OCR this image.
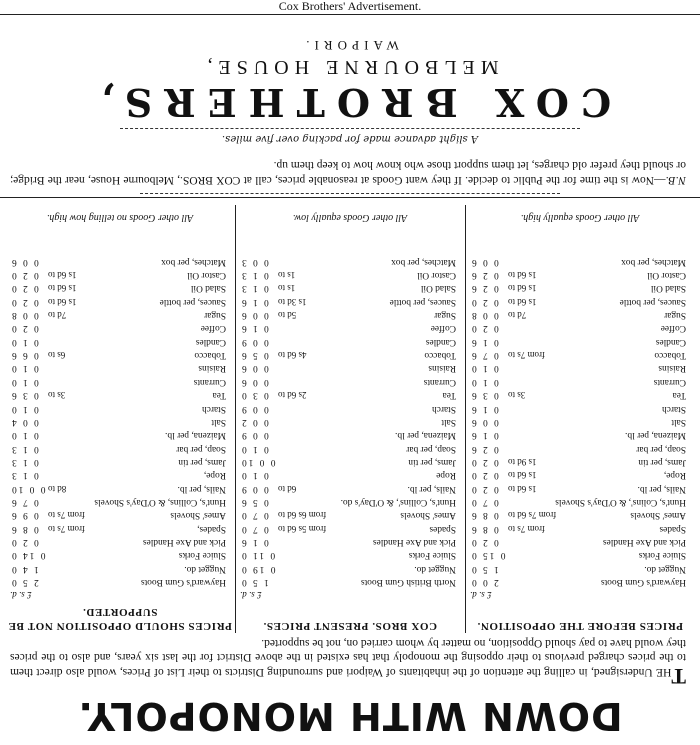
Cox Brothers' Advertisement.
DOWN WITH MONOPOLY.
THE Undersigned, in calling the attention of the inhabitants of Waipori and surrounding Districts to their List of Prices, would also direct them to the prices charged previous to their opposing the monopoly that has existed in the above District for the last six years, and also to the prices they would have to pay should Opposition, no matter by whom carried on, not be supported.
PRICES BEFORE THE OPPOSITION.
£ s. d.
Hayward's Gum Boots
2 0 0
Nugget do.
1 5 0
Sluice Forks
0 15 0
Pick and Axe Handles
0 2 0
Spades
from 7s to
0 8 6
Ames' Shovels
from 7s 6d to
0 8 6
Hunt's, Colins', & O'Day's Shovels
0 7 0
Nails, per lb.
1s 6d to
0 2 0
Rope,
1s 6d to
0 2 0
Jams, per tin
1s 9d to
0 2 0
Soap, per bar
0 2 6
Maizena, per lb.
0 1 6
Salt
0 0 6
Starch
0 1 6
Tea
3s to
0 3 6
Currants
0 1 0
Raisins
0 1 0
Tobacco
from 7s to
0 7 6
Candles
0 1 6
Coffee
0 2 0
Sugar
7d to
0 0 8
Sauces, per bottle
1s 6d to
0 2 0
Salad Oil
1s 6d to
0 2 6
Castor Oil
1s 6d to
0 2 6
Matches, per box
0 0 6
All other Goods equally high.
COX BROS. PRESENT PRICES.
£ s. d.
North British Gum Boots
1 5 0
Nugget do.
0 19 0
Sluice Forks
0 11 0
Pick and Axe Handles
0 1 6
Spades
from 5s 6d to
0 7 0
Ames' Shovels
from 6s 6d to
0 7 0
Hunt's, Collins', & O'Day's do.
0 5 6
Nails, per lb.
6d to
0 0 9
Rope
0 1 0
Jams, per tin
0 0 10
Soap, per bar
0 1 0
Maizena, per lb.
0 0 9
Salt
0 0 2
Starch
0 0 9
Tea
2s 6d to
0 3 0
Currants
0 0 6
Raisins
0 0 6
Tobacco
4s 6d to
0 5 6
Candles
0 0 9
Coffee
0 1 6
Sugar
5d to
0 0 6
Sauces, per bottle
1s 3d to
0 1 6
Salad Oil
1s to
0 1 3
Castor Oil
1s to
0 1 3
Matches, per box
0 0 3
All other Goods equally low.
PRICES SHOULD OPPOSITION NOT BE SUPPORTED.
£ s. d.
Hayward's Gum Boots
2 5 0
Nugget do.
1 4 0
Sluice Forks
0 14 0
Pick and Axe Handles
0 2 0
Spades,
from 7s to
0 8 6
Ames' Shovels
from 7s to
0 9 6
Hunt's, Collins, & O'Day's Shovels
0 7 6
Nails, per lb.
8d to
0 0 10
Rope,
0 1 3
Jams, per tin
0 1 3
Soap, per bar
0 1 3
Maizena, per lb.
0 1 0
Salt
0 0 4
Starch
0 1 0
Tea
3s to
0 3 6
Currants
0 1 0
Raisins
0 1 0
Tobacco
6s to
0 6 6
Candles
0 1 0
Coffee
0 2 0
Sugar
7d to
0 0 8
Sauces, per bottle
1s 6d to
0 2 0
Salad Oil
1s 6d to
0 2 0
Castor Oil
1s 6d to
0 2 0
Matches, per box
0 0 6
All other Goods no telling how high.
N.B.—Now is the time for the Public to decide. If they want Goods at reasonable prices, call at COX BROS., Melbourne House, near the Bridge; or should they prefer old charges, let them support those who know how to keep them up.
A slight advance made for packing over five miles.
COX BROTHERS,
MELBOURNE HOUSE,
WAIPORI.
